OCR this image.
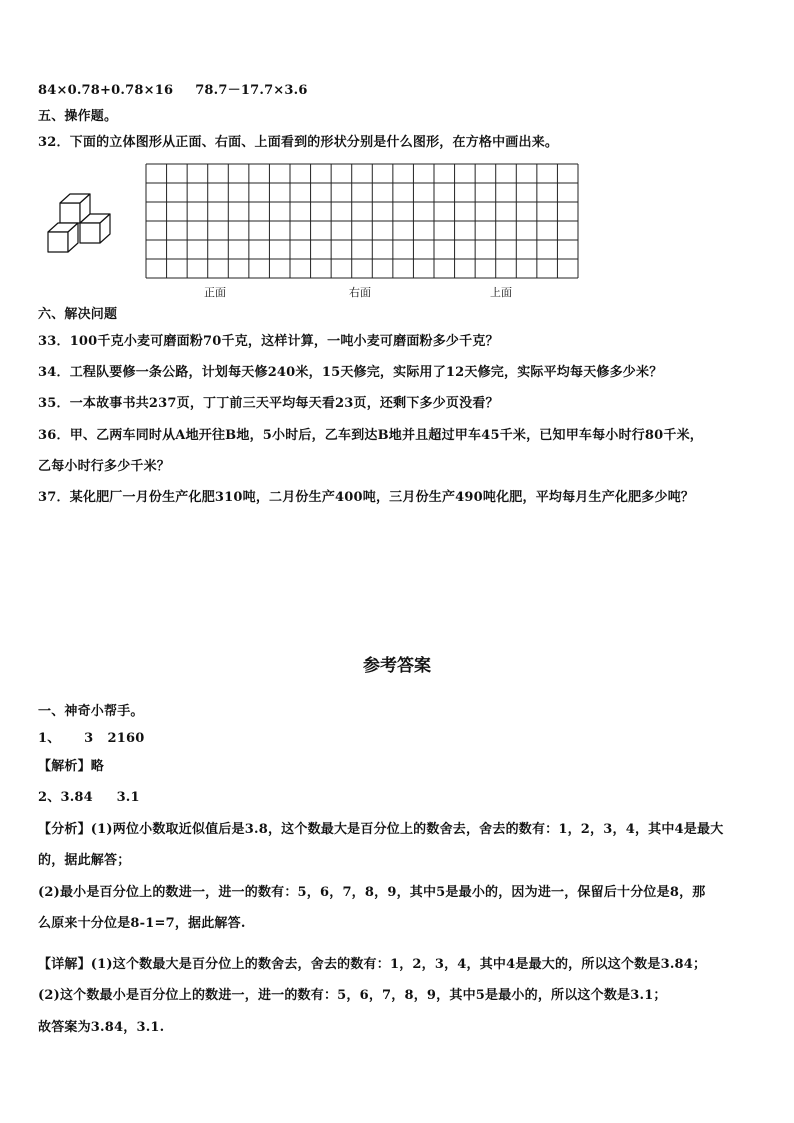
84×0.78+0.78×16 78.7－17.7×3.6
五、操作题。
32．下面的立体图形从正面、右面、上面看到的形状分别是什么图形，在方格中画出来。
正面	右面	上面
六、解决问题
33．100千克小麦可磨面粉70千克，这样计算，一吨小麦可磨面粉多少千克？
34．工程队要修一条公路，计划每天修240米，15天修完，实际用了12天修完，实际平均每天修多少米？
35．一本故事书共237页，丁丁前三天平均每天看23页，还剩下多少页没看？
36．甲、乙两车同时从A地开往B地，5小时后，乙车到达B地并且超过甲车45千米，已知甲车每小时行80千米，
乙每小时行多少千米？
37．某化肥厂一月份生产化肥310吨，二月份生产400吨，三月份生产490吨化肥，平均每月生产化肥多少吨？
参考答案
一、神奇小帮手。
1、 3 2160
【解析】略
2、3.84 3.1
【分析】(1)两位小数取近似值后是3.8，这个数最大是百分位上的数舍去，舍去的数有：1，2，3，4，其中4是最大
的，据此解答；
(2)最小是百分位上的数进一，进一的数有：5，6，7，8，9，其中5是最小的，因为进一，保留后十分位是8，那
么原来十分位是8-1=7，据此解答.
【详解】(1)这个数最大是百分位上的数舍去，舍去的数有：1，2，3，4，其中4是最大的，所以这个数是3.84；
(2)这个数最小是百分位上的数进一，进一的数有：5，6，7，8，9，其中5是最小的，所以这个数是3.1；
故答案为3.84，3.1.
